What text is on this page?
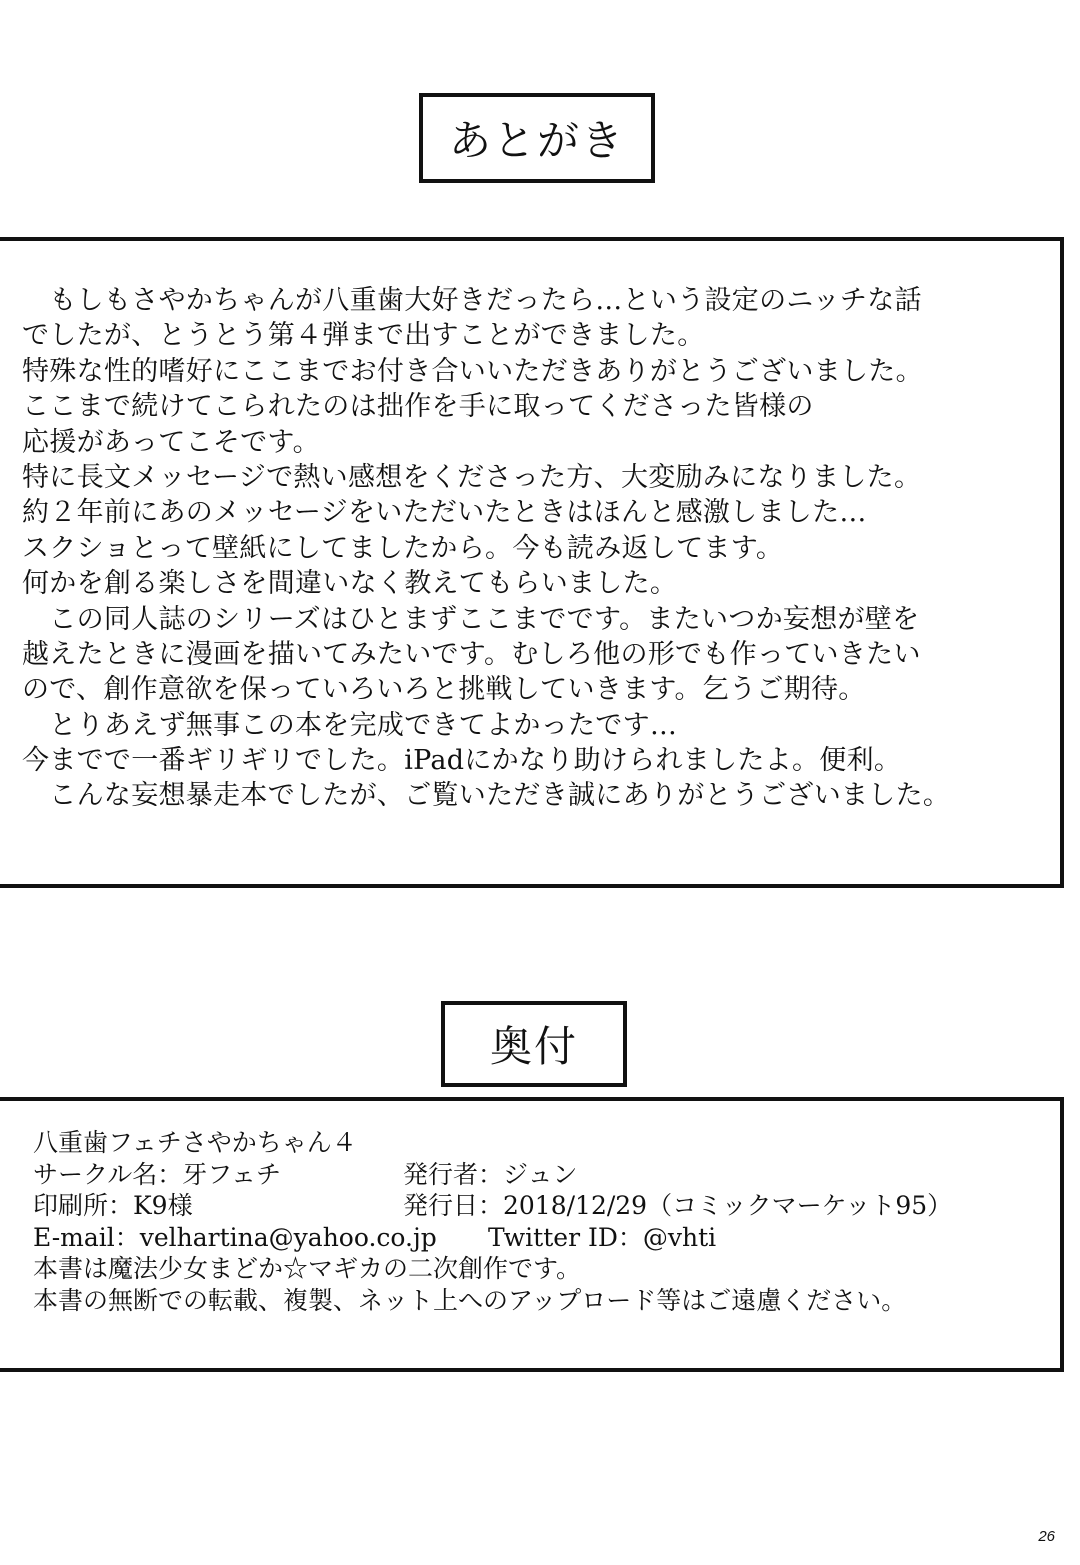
あとがき
　もしもさやかちゃんが八重歯大好きだったら…という設定のニッチな話
でしたが、とうとう第４弾まで出すことができました。
特殊な性的嗜好にここまでお付き合いいただきありがとうございました。
ここまで続けてこられたのは拙作を手に取ってくださった皆様の
応援があってこそです。
特に長文メッセージで熱い感想をくださった方、大変励みになりました。
約２年前にあのメッセージをいただいたときはほんと感激しました…
スクショとって壁紙にしてましたから。今も読み返してます。
何かを創る楽しさを間違いなく教えてもらいました。
　この同人誌のシリーズはひとまずここまでです。またいつか妄想が壁を
越えたときに漫画を描いてみたいです。むしろ他の形でも作っていきたい
ので、創作意欲を保っていろいろと挑戦していきます。乞うご期待。
　とりあえず無事この本を完成できてよかったです…
今までで一番ギリギリでした。iPadにかなり助けられましたよ。便利。
　こんな妄想暴走本でしたが、ご覧いただき誠にありがとうございました。
奥付
八重歯フェチさやかちゃん４
サークル名：牙フェチ	発行者：ジュン
印刷所：K9様	発行日：2018/12/29（コミックマーケット95）
E-mail：velhartina@yahoo.co.jp Twitter ID：@vhti
本書は魔法少女まどか☆マギカの二次創作です。
本書の無断での転載、複製、ネット上へのアップロード等はご遠慮ください。
26
